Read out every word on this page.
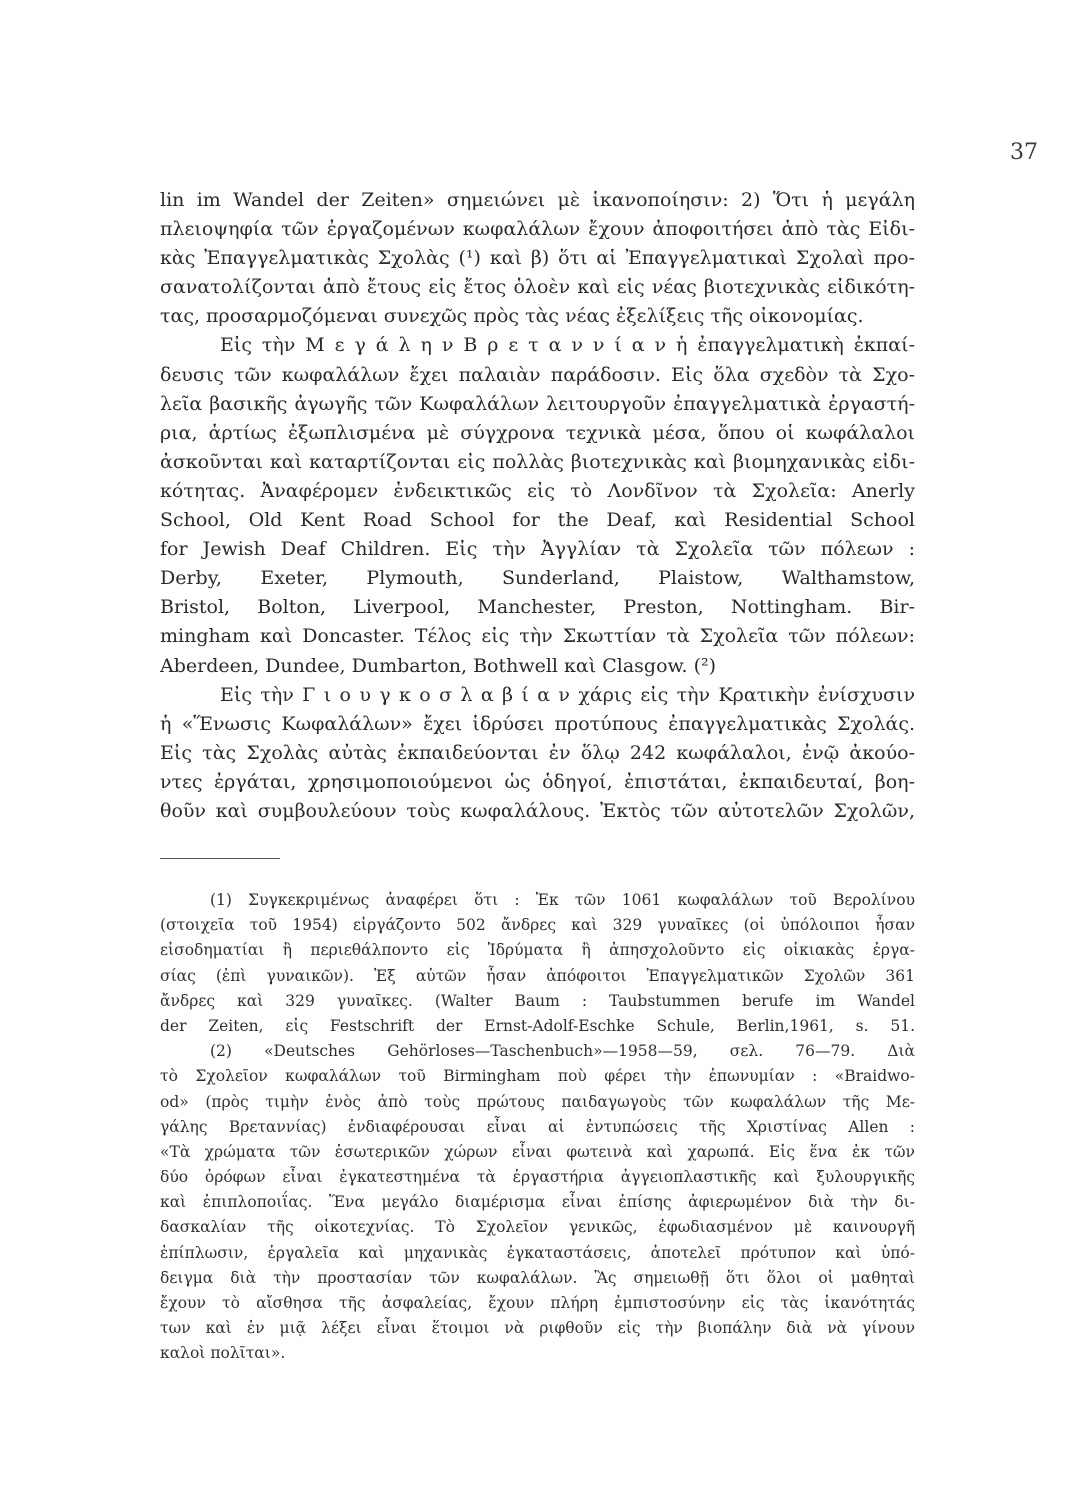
37
lin im Wandel der Zeiten» σημειώνει μὲ ἱκανοποίησιν: 2) Ὅτι ἡ μεγάλη
πλειοψηφία τῶν ἐργαζομένων κωφαλάλων ἔχουν ἀποφοιτήσει ἀπὸ τὰς Εἰδι-
κὰς Ἐπαγγελματικὰς Σχολὰς (¹) καὶ β) ὅτι αἱ Ἐπαγγελματικαὶ Σχολαὶ προ-
σανατολίζονται ἀπὸ ἔτους εἰς ἔτος ὁλοὲν καὶ εἰς νέας βιοτεχνικὰς εἰδικότη-
τας, προσαρμοζόμεναι συνεχῶς πρὸς τὰς νέας ἐξελίξεις τῆς οἰκονομίας.
Εἰς τὴν Μ ε γ ά λ η ν Β ρ ε τ α ν ν ί α ν ἡ ἐπαγγελματικὴ ἐκπαί-
δευσις τῶν κωφαλάλων ἔχει παλαιὰν παράδοσιν. Εἰς ὅλα σχεδὸν τὰ Σχο-
λεῖα βασικῆς ἀγωγῆς τῶν Κωφαλάλων λειτουργοῦν ἐπαγγελματικὰ ἐργαστή-
ρια, ἀρτίως ἐξωπλισμένα μὲ σύγχρονα τεχνικὰ μέσα, ὅπου οἱ κωφάλαλοι
ἀσκοῦνται καὶ καταρτίζονται εἰς πολλὰς βιοτεχνικὰς καὶ βιομηχανικὰς εἰδι-
κότητας. Ἀναφέρομεν ἐνδεικτικῶς εἰς τὸ Λονδῖνον τὰ Σχολεῖα: Anerly
School, Old Kent Road School for the Deaf, καὶ Residential School
for Jewish Deaf Children. Εἰς τὴν Ἀγγλίαν τὰ Σχολεῖα τῶν πόλεων :
Derby, Exeter, Plymouth, Sunderland, Plaistow, Walthamstow,
Bristol, Bolton, Liverpool, Manchester, Preston, Nottingham. Bir-
mingham καὶ Doncaster. Τέλος εἰς τὴν Σκωττίαν τὰ Σχολεῖα τῶν πόλεων:
Aberdeen, Dundee, Dumbarton, Bothwell καὶ Clasgow. (²)
Εἰς τὴν Γ ι ο υ γ κ ο σ λ α β ί α ν χάρις εἰς τὴν Κρατικὴν ἐνίσχυσιν
ἡ «Ἕνωσις Κωφαλάλων» ἔχει ἱδρύσει προτύπους ἐπαγγελματικὰς Σχολάς.
Εἰς τὰς Σχολὰς αὐτὰς ἐκπαιδεύονται ἐν ὅλῳ 242 κωφάλαλοι, ἐνῷ ἀκούο-
ντες ἐργάται, χρησιμοποιούμενοι ὡς ὁδηγοί, ἐπιστάται, ἐκπαιδευταί, βοη-
θοῦν καὶ συμβουλεύουν τοὺς κωφαλάλους. Ἐκτὸς τῶν αὐτοτελῶν Σχολῶν,
(1) Συγκεκριμένως ἀναφέρει ὅτι : Ἐκ τῶν 1061 κωφαλάλων τοῦ Βερολίνου
(στοιχεῖα τοῦ 1954) εἰργάζοντο 502 ἄνδρες καὶ 329 γυναῖκες (οἱ ὑπόλοιποι ἦσαν
εἰσοδηματίαι ἢ περιεθάλποντο εἰς Ἱδρύματα ἢ ἀπησχολοῦντο εἰς οἰκιακὰς ἐργα-
σίας (ἐπὶ γυναικῶν). Ἐξ αὐτῶν ἦσαν ἀπόφοιτοι Ἐπαγγελματικῶν Σχολῶν 361
ἄνδρες καὶ 329 γυναῖκες. (Walter Baum : Taubstummen berufe im Wandel
der Zeiten, εἰς Festschrift der Ernst-Adolf-Eschke Schule, Berlin,1961, s. 51.
(2) «Deutsches Gehörloses—Taschenbuch»—1958—59, σελ. 76—79. Διὰ
τὸ Σχολεῖον κωφαλάλων τοῦ Birmingham ποὺ φέρει τὴν ἐπωνυμίαν : «Braidwo-
od» (πρὸς τιμὴν ἑνὸς ἀπὸ τοὺς πρώτους παιδαγωγοὺς τῶν κωφαλάλων τῆς Με-
γάλης Βρεταννίας) ἐνδιαφέρουσαι εἶναι αἱ ἐντυπώσεις τῆς Χριστίνας Allen :
«Τὰ χρώματα τῶν ἐσωτερικῶν χώρων εἶναι φωτεινὰ καὶ χαρωπά. Εἰς ἕνα ἐκ τῶν
δύο ὀρόφων εἶναι ἐγκατεστημένα τὰ ἐργαστήρια ἀγγειοπλαστικῆς καὶ ξυλουργικῆς
καὶ ἐπιπλοποιΐας. Ἕνα μεγάλο διαμέρισμα εἶναι ἐπίσης ἀφιερωμένον διὰ τὴν δι-
δασκαλίαν τῆς οἰκοτεχνίας. Τὸ Σχολεῖον γενικῶς, ἐφωδιασμένον μὲ καινουργῆ
ἐπίπλωσιν, ἐργαλεῖα καὶ μηχανικὰς ἐγκαταστάσεις, ἀποτελεῖ πρότυπον καὶ ὑπό-
δειγμα διὰ τὴν προστασίαν τῶν κωφαλάλων. Ἂς σημειωθῇ ὅτι ὅλοι οἱ μαθηταὶ
ἔχουν τὸ αἴσθησα τῆς ἀσφαλείας, ἔχουν πλήρη ἐμπιστοσύνην εἰς τὰς ἱκανότητάς
των καὶ ἐν μιᾷ λέξει εἶναι ἕτοιμοι νὰ ριφθοῦν εἰς τὴν βιοπάλην διὰ νὰ γίνουν
καλοὶ πολῖται».
